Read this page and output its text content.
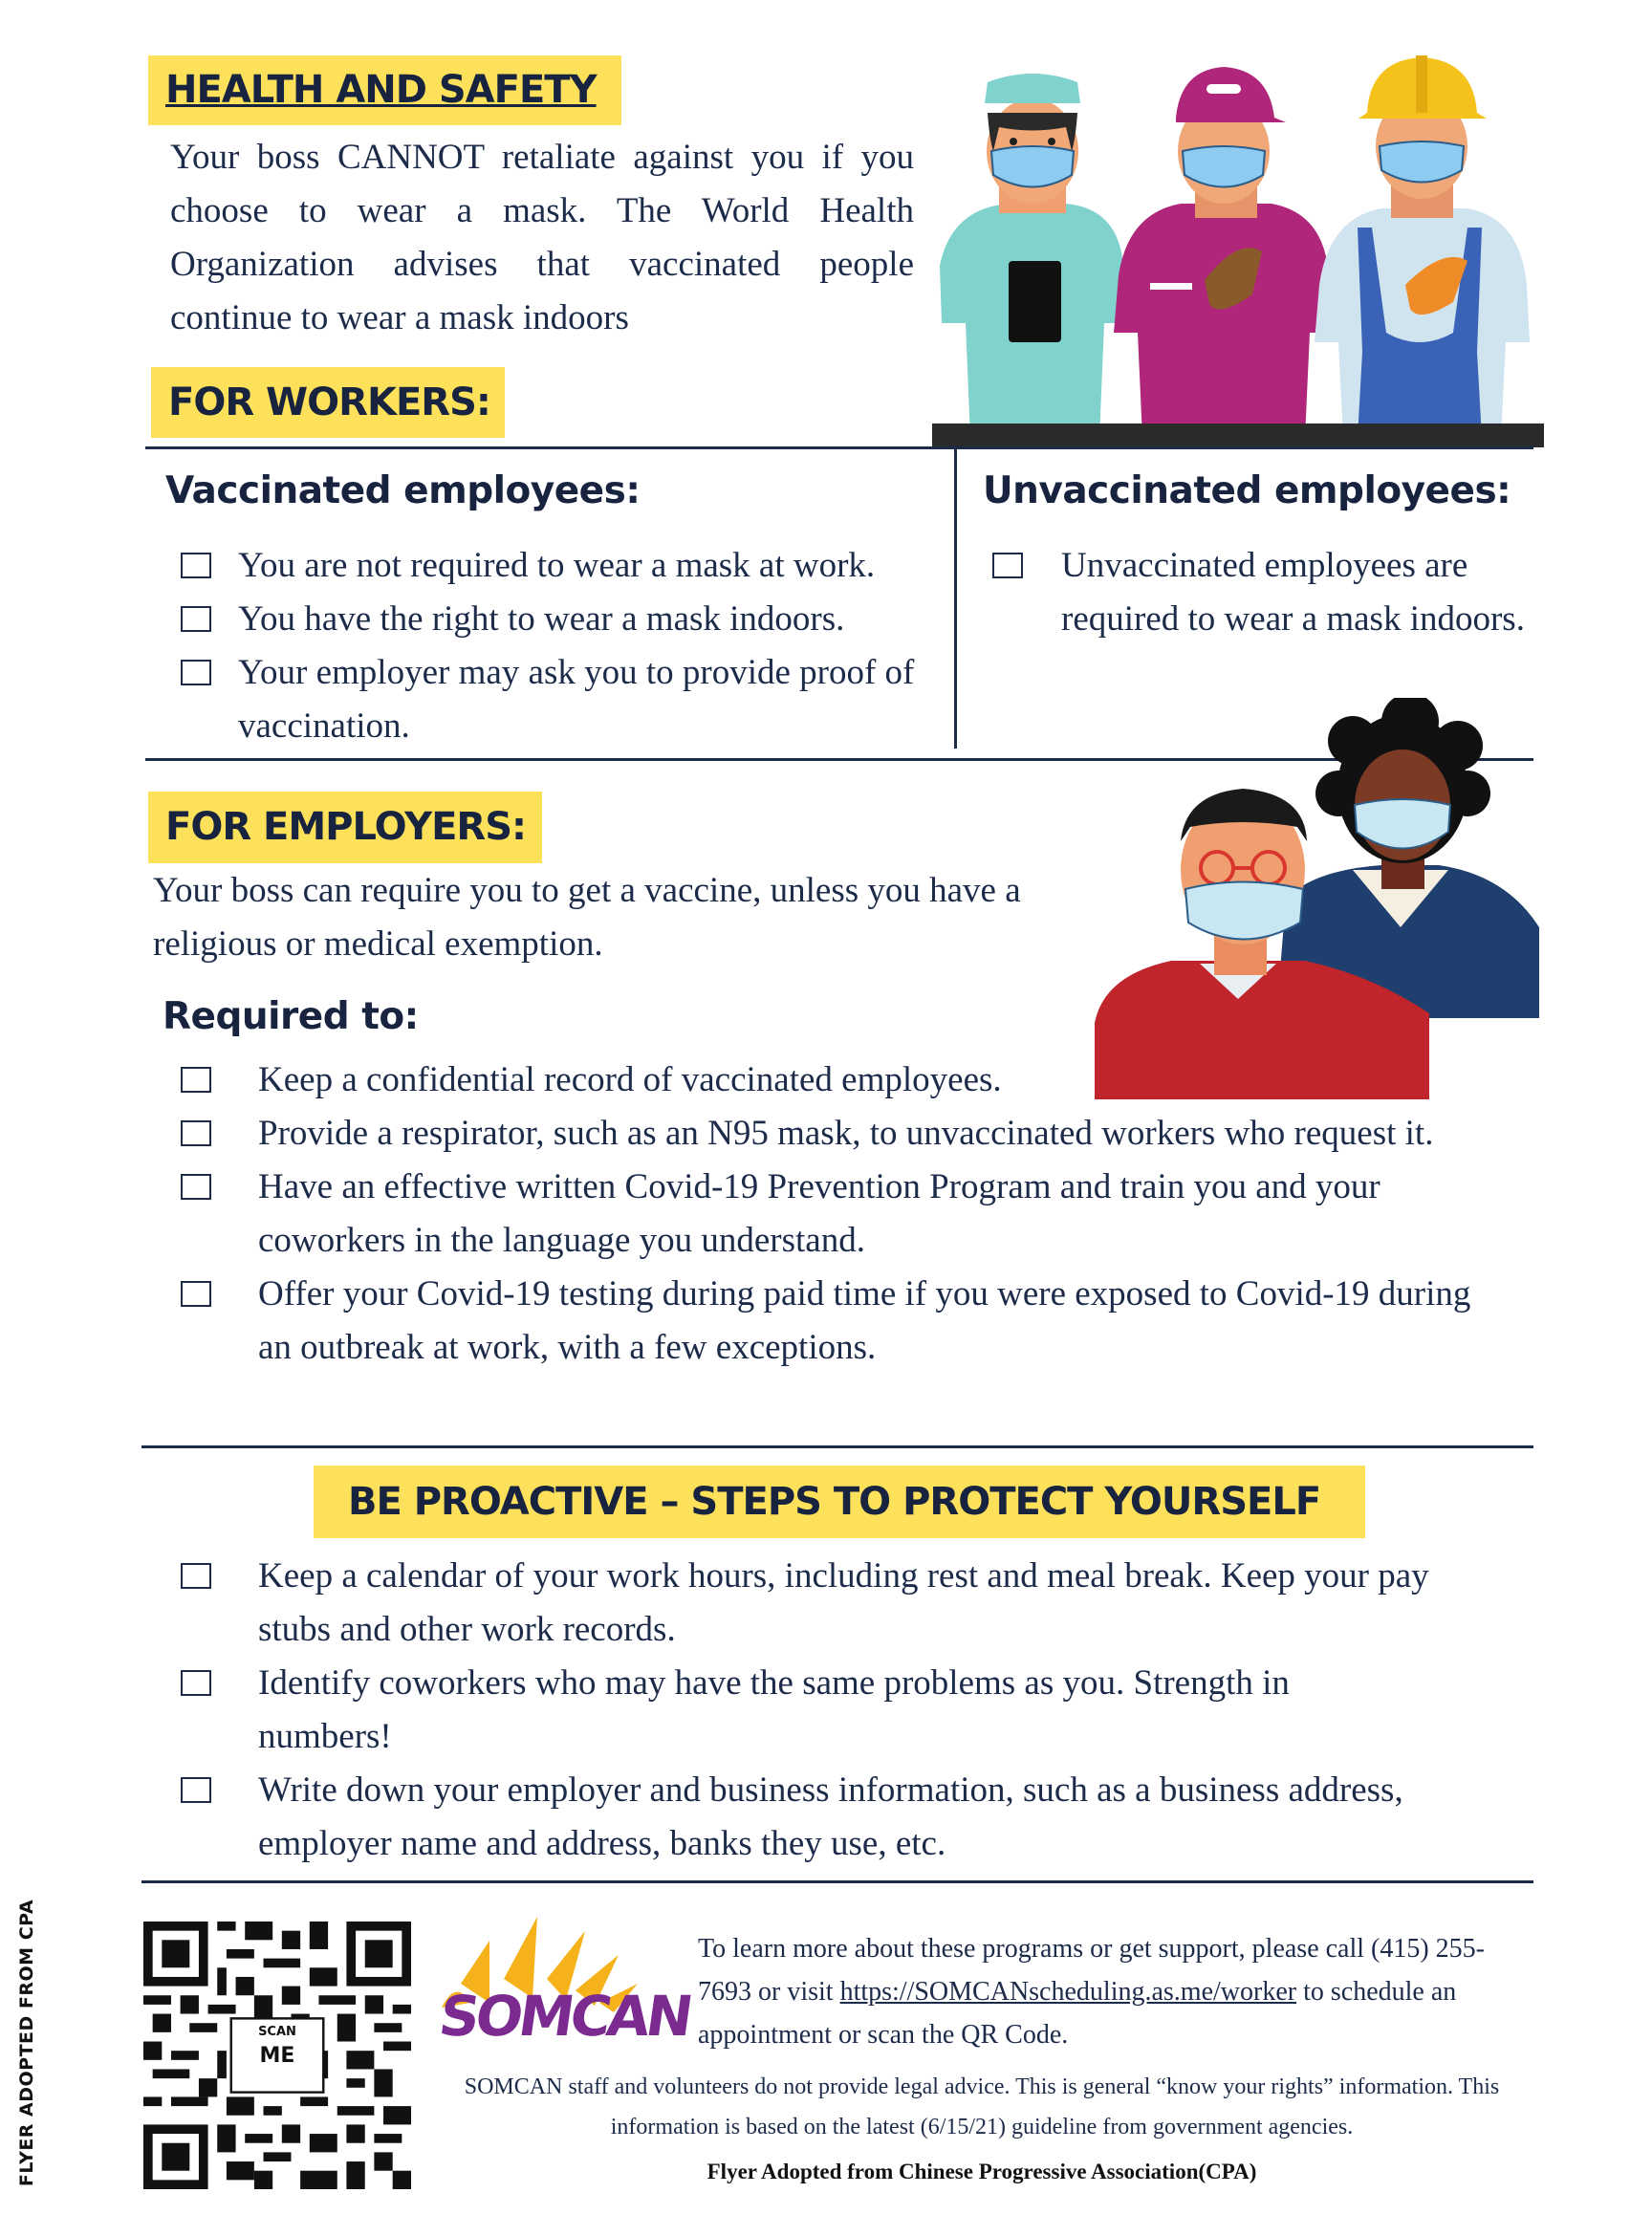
HEALTH AND SAFETY
Your boss CANNOT retaliate against you if you choose to wear a mask. The World Health Organization advises that vaccinated people continue to wear a mask indoors
FOR WORKERS:
Vaccinated employees:
You are not required to wear a mask at work.
You have the right to wear a mask indoors.
Your employer may ask you to provide proof of vaccination.
Unvaccinated employees:
Unvaccinated employees are required to wear a mask indoors.
FOR EMPLOYERS:
Your boss can require you to get a vaccine, unless you have a religious or medical exemption.
Required to:
Keep a confidential record of vaccinated employees.
Provide a respirator, such as an N95 mask, to unvaccinated workers who request it.
Have an effective written Covid-19 Prevention Program and train you and your coworkers in the language you understand.
Offer your Covid-19 testing during paid time if you were exposed to Covid-19 during an outbreak at work, with a few exceptions.
BE PROACTIVE – STEPS TO PROTECT YOURSELF
Keep a calendar of your work hours, including rest and meal break. Keep your pay stubs and other work records.
Identify coworkers who may have the same problems as you. Strength in numbers!
Write down your employer and business information, such as a business address, employer name and address, banks they use, etc.
FLYER ADOPTED FROM CPA	SCAN
ME
SOMCAN
To learn more about these programs or get support, please call (415) 255-7693 or visit https://SOMCANscheduling.as.me/worker to schedule an appointment or scan the QR Code.
SOMCAN staff and volunteers do not provide legal advice. This is general “know your rights” information. This information is based on the latest (6/15/21) guideline from government agencies.
Flyer Adopted from Chinese Progressive Association(CPA)
